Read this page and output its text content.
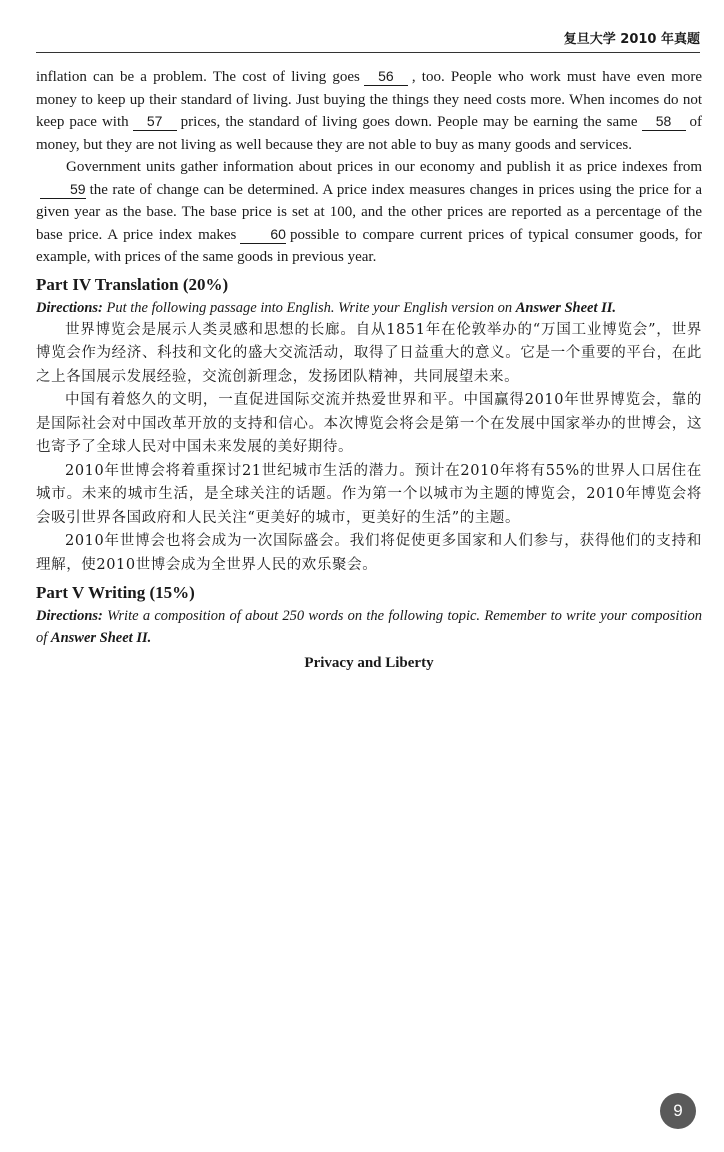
复旦大学 2010 年真题

inflation can be a problem. The cost of living goes 56 , too. People who work must have even more money to keep up their standard of living. Just buying the things they need costs more. When incomes do not keep pace with 57 prices, the standard of living goes down. People may be earning the same 58 of money, but they are not living as well because they are not able to buy as many goods and services.

Government units gather information about prices in our economy and publish it as price indexes from59 the rate of change can be determined. A price index measures changes in prices using the price for a given year as the base. The base price is set at 100, and the other prices are reported as a percentage of the base price. A price index makes 60 possible to compare current prices of typical consumer goods, for example, with prices of the same goods in previous year.

Part IV Translation (20%)
Directions: Put the following passage into English. Write your English version on Answer Sheet II.

世界博览会是展示人类灵感和思想的长廊。自从1851年在伦敦举办的“万国工业博览会”，世界博览会作为经济、科技和文化的盛大交流活动，取得了日益重大的意义。它是一个重要的平台，在此之上各国展示发展经验，交流创新理念，发扬团队精神，共同展望未来。

中国有着悠久的文明，一直促进国际交流并热爱世界和平。中国赢得2010年世界博览会，靠的是国际社会对中国改革开放的支持和信心。本次博览会将会是第一个在发展中国家举办的世博会，这也寄予了全球人民对中国未来发展的美好期待。

2010年世博会将着重探讨21世纪城市生活的潜力。预计在2010年将有55%的世界人口居住在城市。未来的城市生活，是全球关注的话题。作为第一个以城市为主题的博览会，2010年博览会将会吸引世界各国政府和人民关注“更美好的城市，更美好的生活”的主题。

2010年世博会也将会成为一次国际盛会。我们将促使更多国家和人们参与，获得他们的支持和理解，使2010世博会成为全世界人民的欢乐聚会。

Part V Writing (15%)
Directions: Write a composition of about 250 words on the following topic. Remember to write your composition of Answer Sheet II.
Privacy and Liberty
9
